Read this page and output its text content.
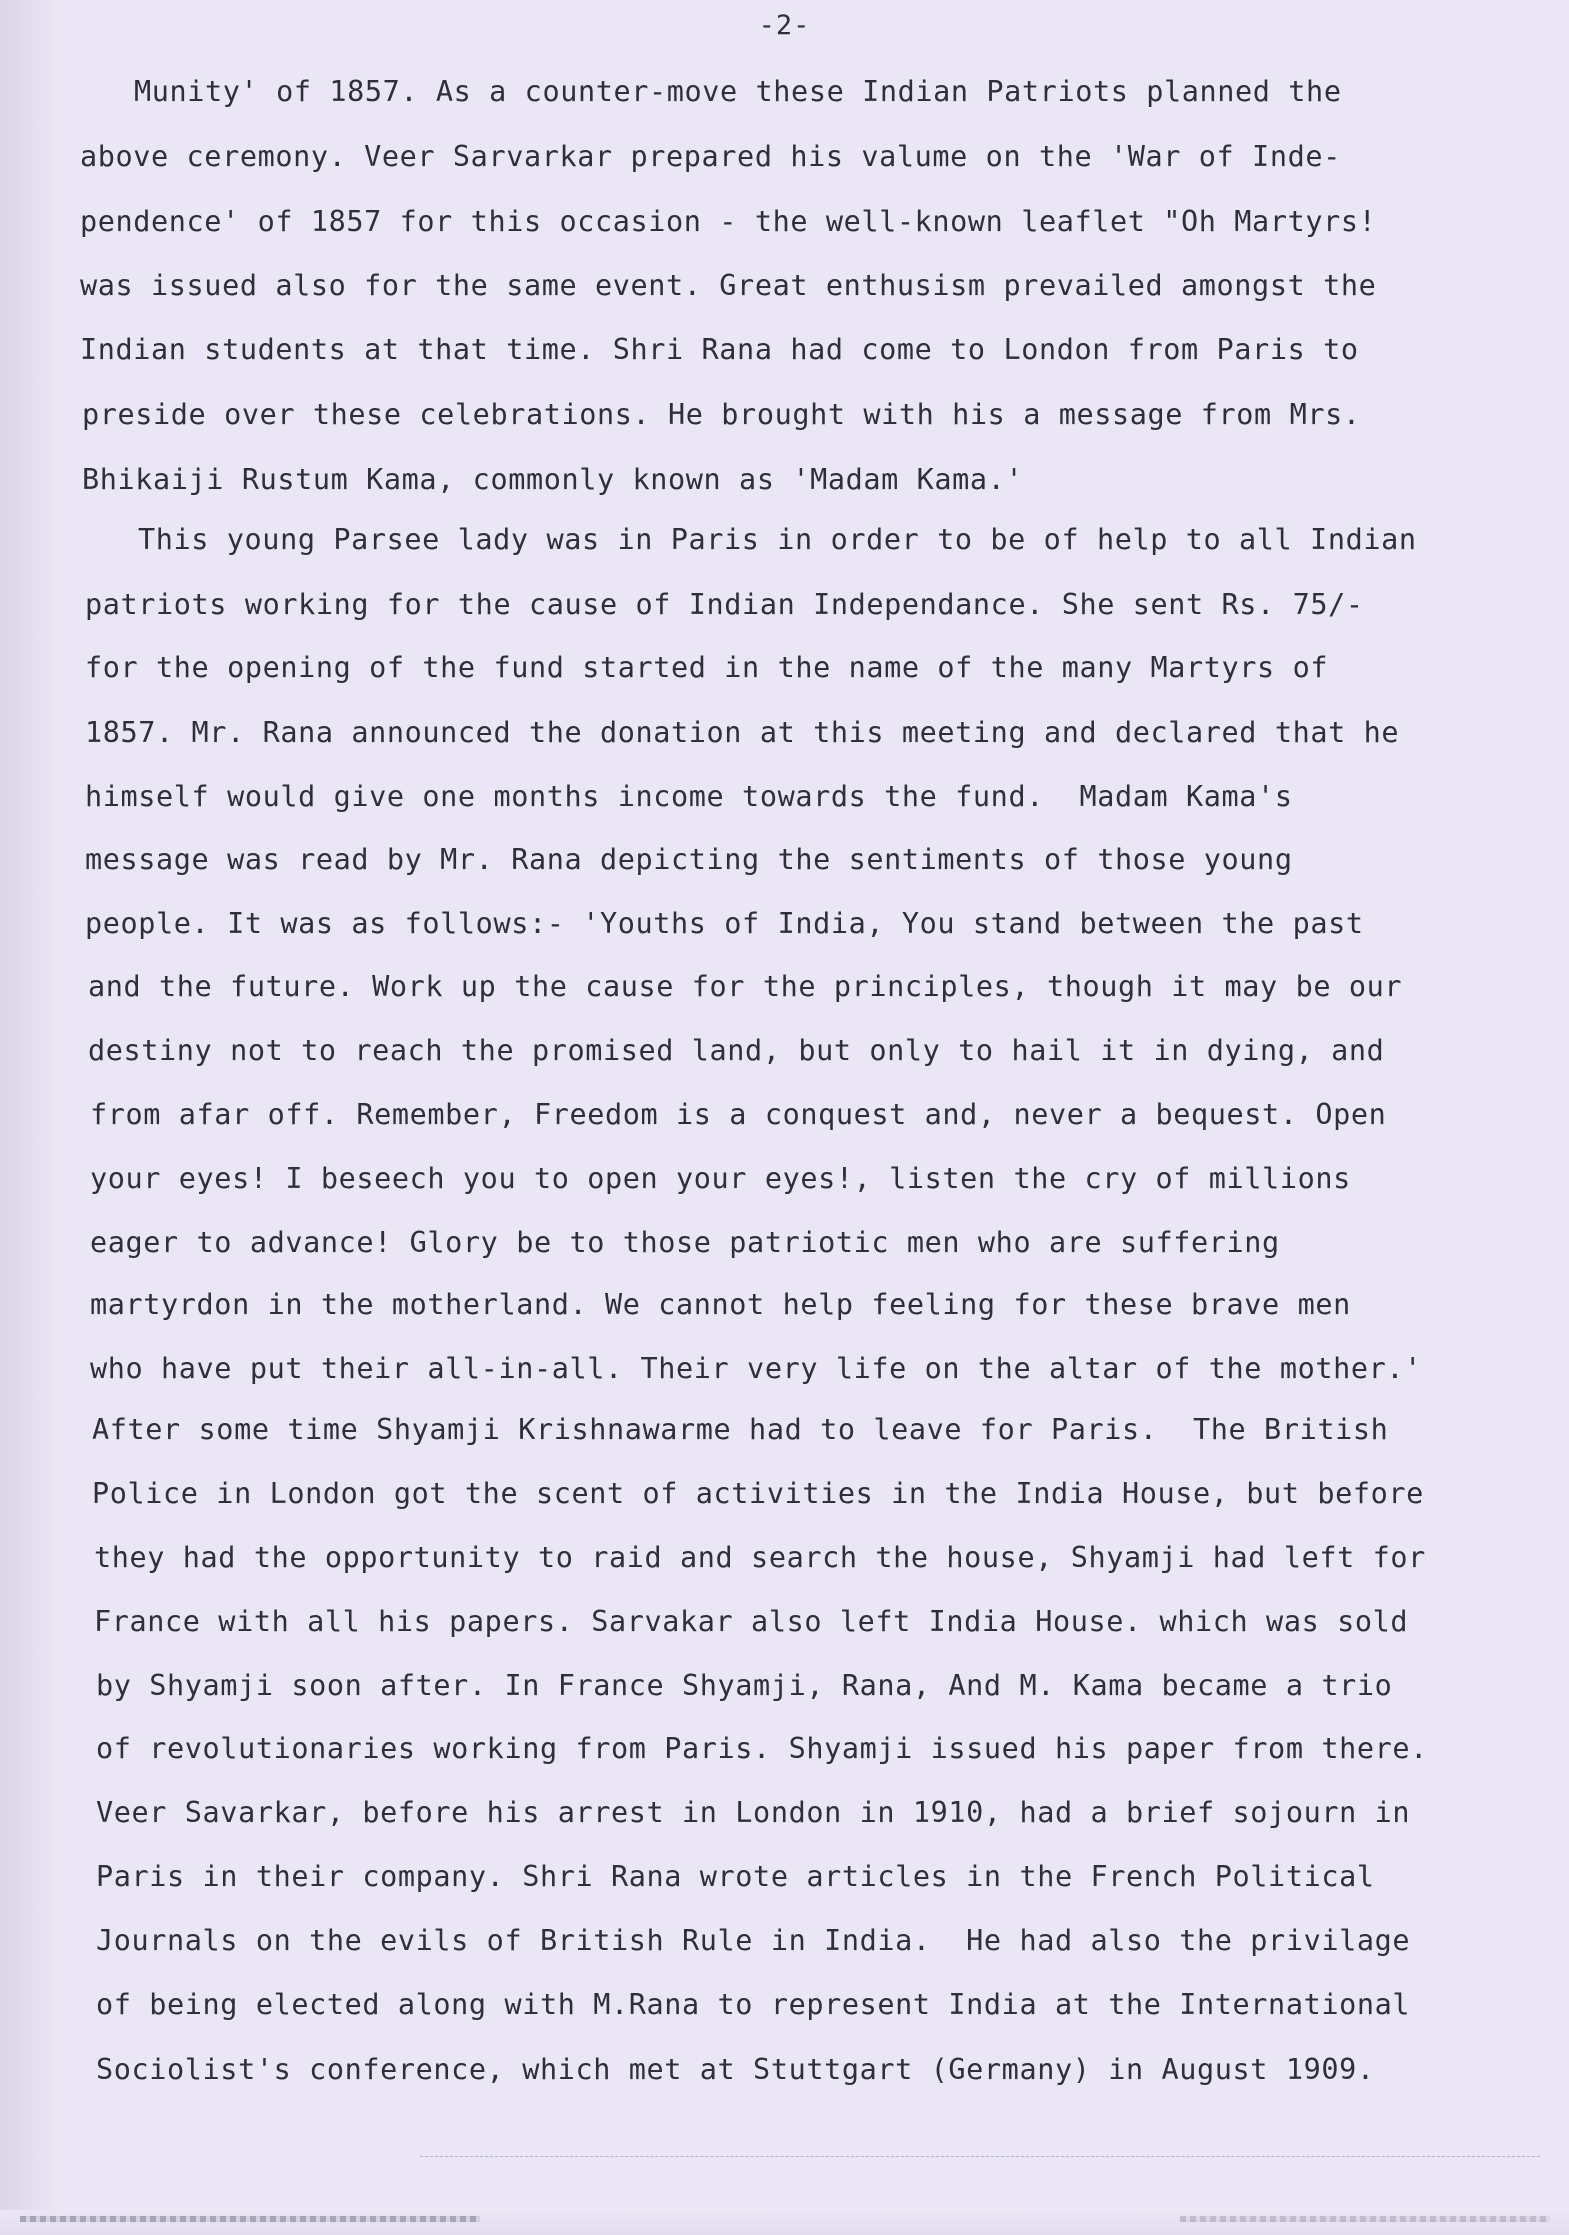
-2-
Munity' of 1857. As a counter-move these Indian Patriots planned the
above ceremony. Veer Sarvarkar prepared his valume on the 'War of Inde-
pendence' of 1857 for this occasion - the well-known leaflet "Oh Martyrs!
was issued also for the same event. Great enthusism prevailed amongst the
Indian students at that time. Shri Rana had come to London from Paris to
preside over these celebrations. He brought with his a message from Mrs.
Bhikaiji Rustum Kama, commonly known as 'Madam Kama.'
This young Parsee lady was in Paris in order to be of help to all Indian
patriots working for the cause of Indian Independance. She sent Rs. 75/-
for the opening of the fund started in the name of the many Martyrs of
1857. Mr. Rana announced the donation at this meeting and declared that he
himself would give one months income towards the fund.  Madam Kama's
message was read by Mr. Rana depicting the sentiments of those young
people. It was as follows:- 'Youths of India, You stand between the past
and the future. Work up the cause for the principles, though it may be our
destiny not to reach the promised land, but only to hail it in dying, and
from afar off. Remember, Freedom is a conquest and, never a bequest. Open
your eyes! I beseech you to open your eyes!, listen the cry of millions
eager to advance! Glory be to those patriotic men who are suffering
martyrdon in the motherland. We cannot help feeling for these brave men
who have put their all-in-all. Their very life on the altar of the mother.'
After some time Shyamji Krishnawarme had to leave for Paris.  The British
Police in London got the scent of activities in the India House, but before
they had the opportunity to raid and search the house, Shyamji had left for
France with all his papers. Sarvakar also left India House. which was sold
by Shyamji soon after. In France Shyamji, Rana, And M. Kama became a trio
of revolutionaries working from Paris. Shyamji issued his paper from there.
Veer Savarkar, before his arrest in London in 1910, had a brief sojourn in
Paris in their company. Shri Rana wrote articles in the French Political
Journals on the evils of British Rule in India.  He had also the privilage
of being elected along with M.Rana to represent India at the International
Sociolist's conference, which met at Stuttgart (Germany) in August 1909.
